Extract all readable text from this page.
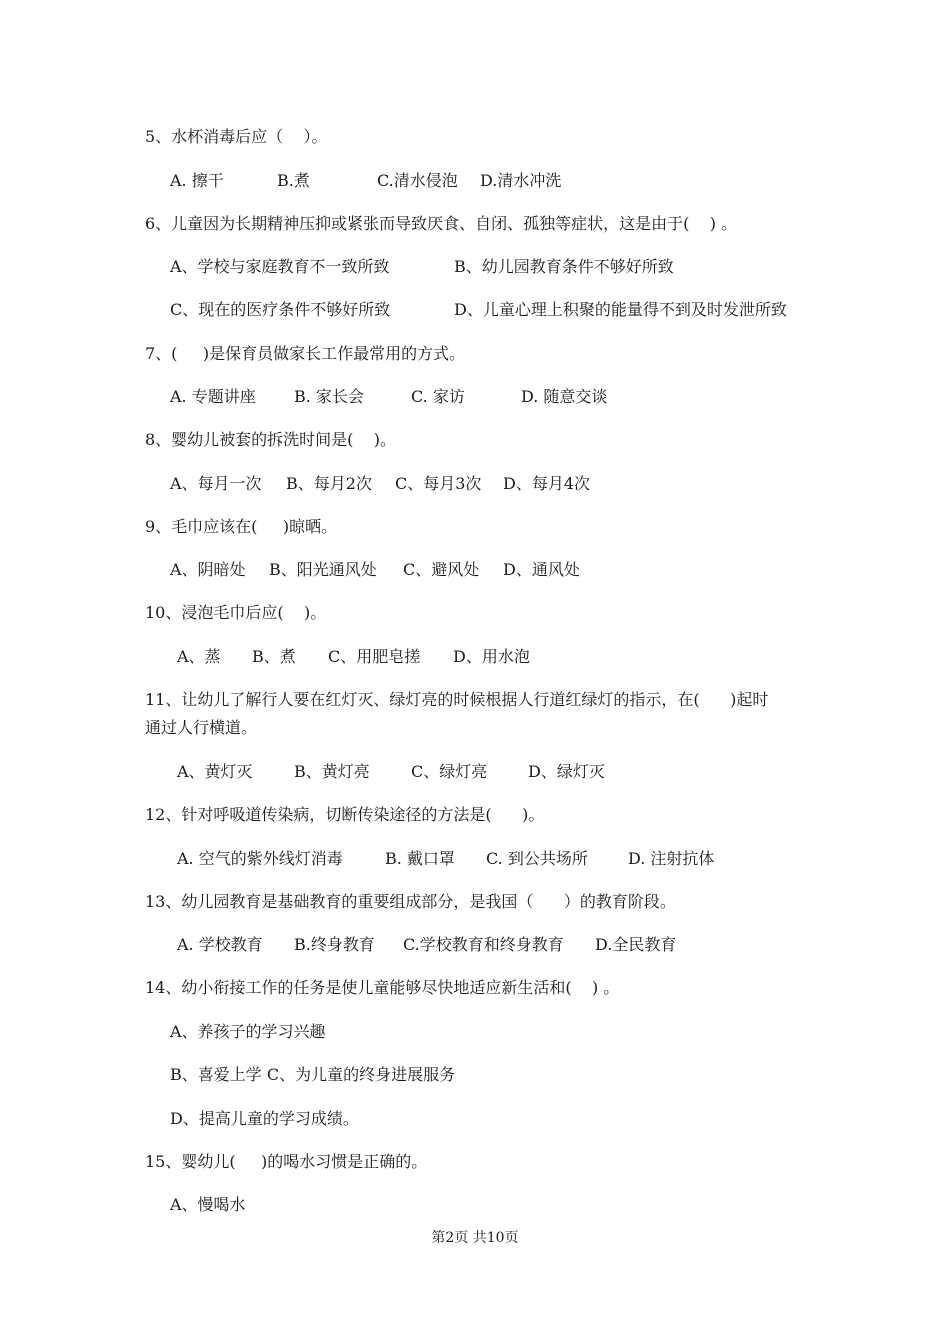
5、水杯消毒后应（    ）。

A. 擦干

	B.煮

	C.清水侵泡

D.清水冲洗

6、儿童因为长期精神压抑或紧张而导致厌食、自闭、孤独等症状，这是由于(    ) 。

A、学校与家庭教育不一致所致

	B、幼儿园教育条件不够好所致

C、现在的医疗条件不够好所致

	D、儿童心理上积聚的能量得不到及时发泄所致

7、(     )是保育员做家长工作最常用的方式。

A. 专题讲座

B. 家长会

	C. 家访

	D. 随意交谈

8、婴幼儿被套的拆洗时间是(    )。

A、每月一次

B、每月2次

C、每月3次

D、每月4次

9、毛巾应该在(     )晾晒。

A、阴暗处

B、阳光通风处

C、避风处

D、通风处

10、浸泡毛巾后应(    )。

A、蒸

B、煮

C、用肥皂搓

D、用水泡

11、让幼儿了解行人要在红灯灭、绿灯亮的时候根据人行道红绿灯的指示，在(      )起时
通过人行横道。

A、黄灯灭

	B、黄灯亮

	C、绿灯亮

	D、绿灯灭

12、针对呼吸道传染病，切断传染途径的方法是(      )。

A. 空气的紫外线灯消毒

	B. 戴口罩

C. 到公共场所

	D. 注射抗体

13、幼儿园教育是基础教育的重要组成部分，是我国（      ）的教育阶段。

A. 学校教育

B.终身教育

C.学校教育和终身教育

D.全民教育

14、幼小衔接工作的任务是使儿童能够尽快地适应新生活和(    ) 。
A、养孩子的学习兴趣
B、喜爱上学 C、为儿童的终身进展服务
D、提高儿童的学习成绩。
15、婴幼儿(     )的喝水习惯是正确的。
A、慢喝水
第2页 共10页
